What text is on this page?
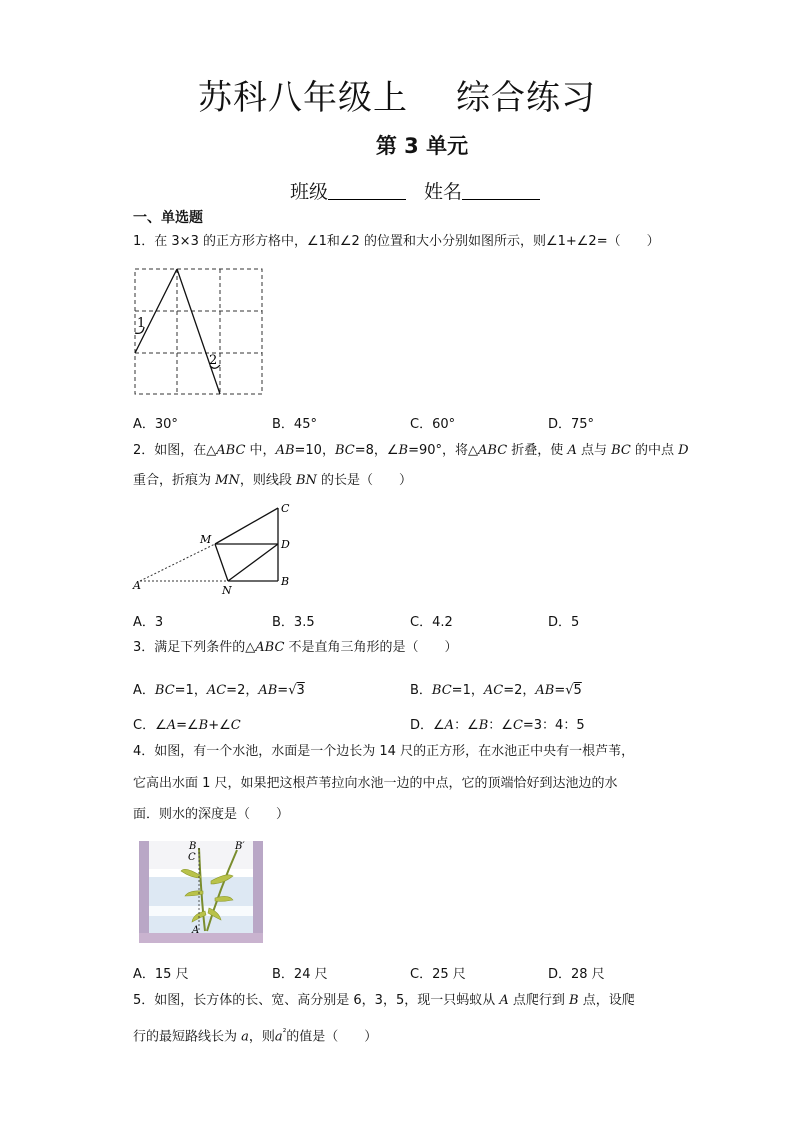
苏科八年级上 综合练习
第 3 单元
班级	姓名
一、单选题
1．在 3×3 的正方形方格中，∠1和∠2 的位置和大小分别如图所示，则∠1+∠2=（　　）
1
2
A．30°	B．45°	C．60°	D．75°
2．如图，在△ABC 中，AB=10，BC=8，∠B=90°，将△ABC 折叠，使 A 点与 BC 的中点 D
重合，折痕为 MN，则线段 BN 的长是（　　）
C
D
B
M
N
A
A．3	B．3.5	C．4.2	D．5
3．满足下列条件的△ABC 不是直角三角形的是（　　）
A．BC=1，AC=2，AB=√3	B．BC=1，AC=2，AB=√5
C．∠A=∠B+∠C	D．∠A：∠B：∠C=3：4：5
4．如图，有一个水池，水面是一个边长为 14 尺的正方形，在水池正中央有一根芦苇，
它高出水面 1 尺，如果把这根芦苇拉向水池一边的中点，它的顶端恰好到达池边的水
面．则水的深度是（　　）
B
C
B′
A
A．15 尺	B．24 尺	C．25 尺	D．28 尺
5．如图，长方体的长、宽、高分别是 6，3，5，现一只蚂蚁从 A 点爬行到 B 点，设爬
行的最短路线长为 a，则$a^{^2}$的值是（　　）
